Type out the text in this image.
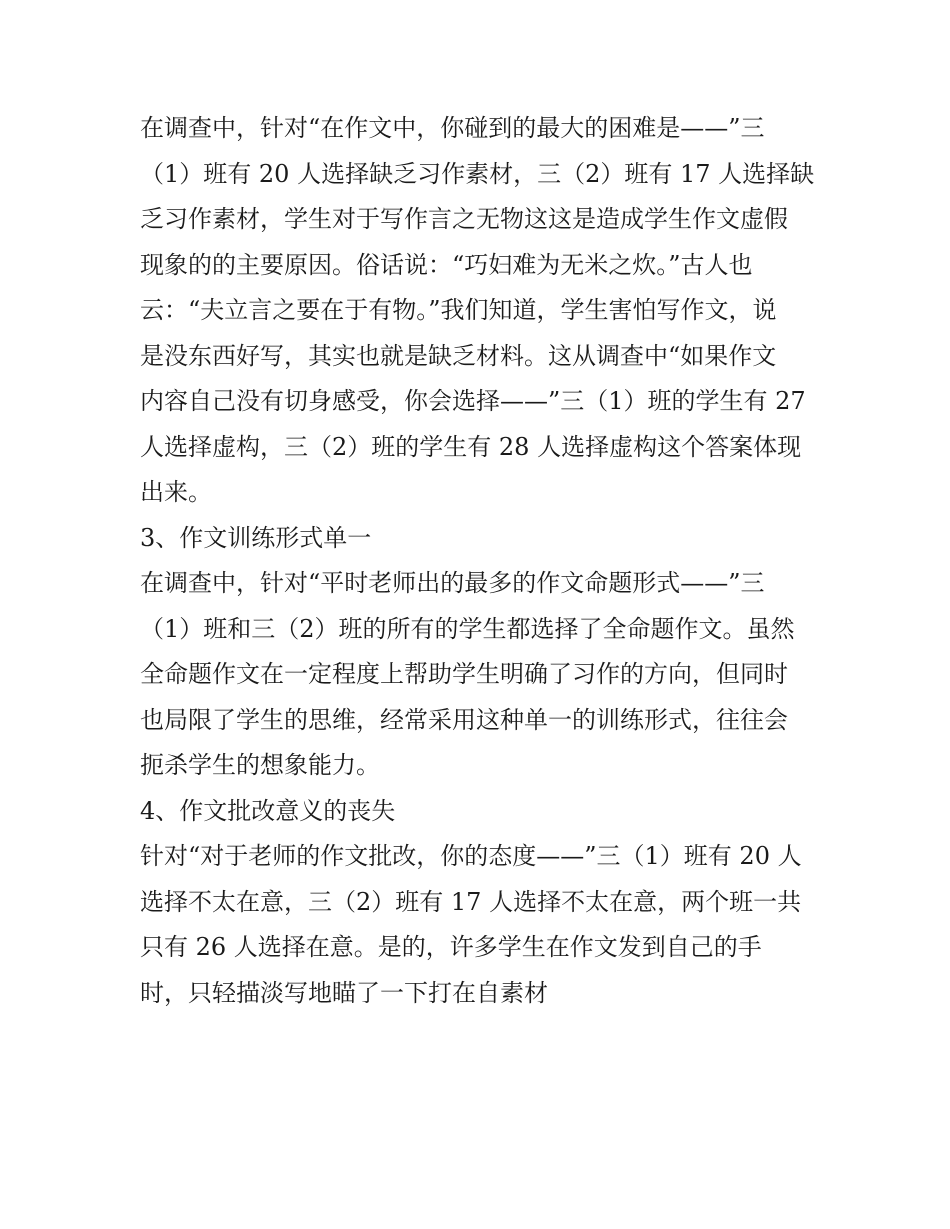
在调查中，针对“在作文中，你碰到的最大的困难是——”三
（1）班有 20 人选择缺乏习作素材，三（2）班有 17 人选择缺
乏习作素材，学生对于写作言之无物这这是造成学生作文虚假
现象的的主要原因。俗话说：“巧妇难为无米之炊。”古人也
云：“夫立言之要在于有物。”我们知道，学生害怕写作文，说
是没东西好写，其实也就是缺乏材料。这从调查中“如果作文
内容自己没有切身感受，你会选择——”三（1）班的学生有 27
人选择虚构，三（2）班的学生有 28 人选择虚构这个答案体现
出来。
3、作文训练形式单一
在调查中，针对“平时老师出的最多的作文命题形式——”三
（1）班和三（2）班的所有的学生都选择了全命题作文。虽然
全命题作文在一定程度上帮助学生明确了习作的方向，但同时
也局限了学生的思维，经常采用这种单一的训练形式，往往会
扼杀学生的想象能力。
4、作文批改意义的丧失
针对“对于老师的作文批改，你的态度——”三（1）班有 20 人
选择不太在意，三（2）班有 17 人选择不太在意，两个班一共
只有 26 人选择在意。是的，许多学生在作文发到自己的手
时，只轻描淡写地瞄了一下打在自素材
